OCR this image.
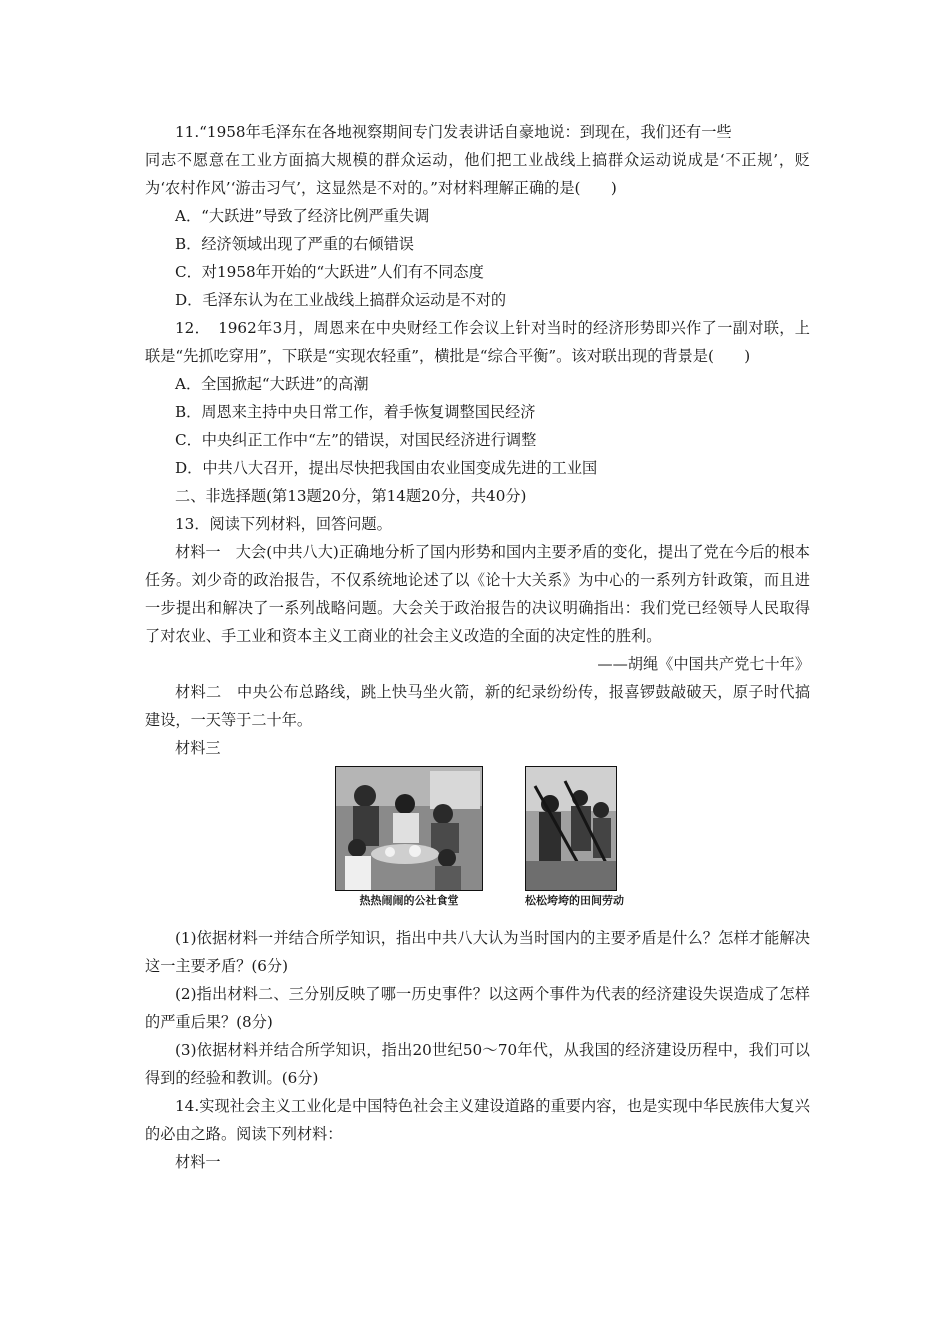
11.“1958年毛泽东在各地视察期间专门发表讲话自豪地说：到现在，我们还有一些

同志不愿意在工业方面搞大规模的群众运动，他们把工业战线上搞群众运动说成是‘不正规’，贬为‘农村作风’‘游击习气’，这显然是不对的。”对材料理解正确的是(　　)

A．“大跃进”导致了经济比例严重失调

B．经济领域出现了严重的右倾错误

C．对1958年开始的“大跃进”人们有不同态度

D．毛泽东认为在工业战线上搞群众运动是不对的

12．　1962年3月，周恩来在中央财经工作会议上针对当时的经济形势即兴作了一副对联，上联是“先抓吃穿用”，下联是“实现农轻重”，横批是“综合平衡”。该对联出现的背景是(　　)

A．全国掀起“大跃进”的高潮

B．周恩来主持中央日常工作，着手恢复调整国民经济

C．中央纠正工作中“左”的错误，对国民经济进行调整

D．中共八大召开，提出尽快把我国由农业国变成先进的工业国

二、非选择题(第13题20分，第14题20分，共40分)

13．阅读下列材料，回答问题。

材料一　大会(中共八大)正确地分析了国内形势和国内主要矛盾的变化，提出了党在今后的根本任务。刘少奇的政治报告，不仅系统地论述了以《论十大关系》为中心的一系列方针政策，而且进一步提出和解决了一系列战略问题。大会关于政治报告的决议明确指出：我们党已经领导人民取得了对农业、手工业和资本主义工商业的社会主义改造的全面的决定性的胜利。

——胡绳《中国共产党七十年》

材料二　中央公布总路线，跳上快马坐火箭，新的纪录纷纷传，报喜锣鼓敲破天，原子时代搞建设，一天等于二十年。

材料三

热热闹闹的公社食堂	松松垮垮的田间劳动

(1)依据材料一并结合所学知识，指出中共八大认为当时国内的主要矛盾是什么？怎样才能解决这一主要矛盾？(6分)

(2)指出材料二、三分别反映了哪一历史事件？以这两个事件为代表的经济建设失误造成了怎样的严重后果？(8分)

(3)依据材料并结合所学知识，指出20世纪50～70年代，从我国的经济建设历程中，我们可以得到的经验和教训。(6分)

14.实现社会主义工业化是中国特色社会主义建设道路的重要内容，也是实现中华民族伟大复兴的必由之路。阅读下列材料：

材料一
